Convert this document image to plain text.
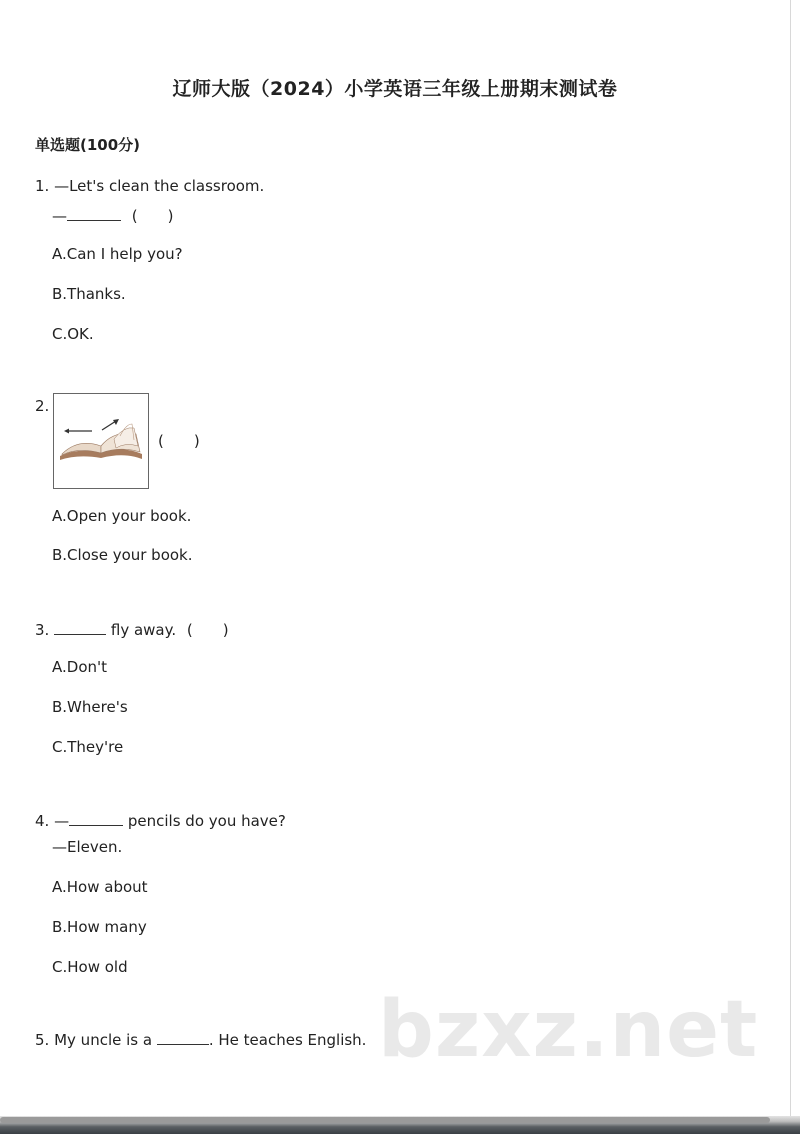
辽师大版（2024）小学英语三年级上册期末测试卷
单选题(100分)
1. —Let's clean the classroom.
—	(　　)
A.Can I help you?
B.Thanks.
C.OK.
2.
(　　)
A.Open your book.
B.Close your book.
3.	fly away. (　　)
A.Don't
B.Where's
C.They're
4. —	pencils do you have?
—Eleven.
A.How about
B.How many
C.How old
5. My uncle is a	. He teaches English. bzxz.net
